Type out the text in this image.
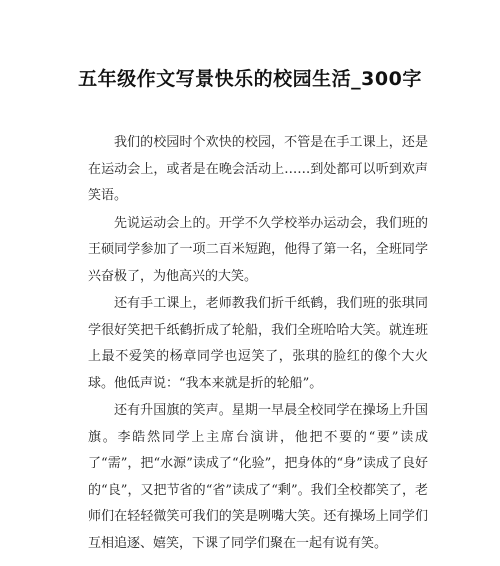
五年级作文写景快乐的校园生活_300字

我们的校园时个欢快的校园，不管是在手工课上，还是在运动会上，或者是在晚会活动上……到处都可以听到欢声笑语。

先说运动会上的。开学不久学校举办运动会，我们班的王硕同学参加了一项二百米短跑，他得了第一名，全班同学兴奋极了，为他高兴的大笑。

还有手工课上，老师教我们折千纸鹤，我们班的张琪同学很好笑把千纸鹤折成了轮船，我们全班哈哈大笑。就连班上最不爱笑的杨章同学也逗笑了，张琪的脸红的像个大火球。他低声说：“我本来就是折的轮船”。

还有升国旗的笑声。星期一早晨全校同学在操场上升国旗。李皓然同学上主席台演讲，他把不要的“要”读成了“需”，把“水源”读成了“化验”，把身体的“身”读成了良好的“良”，又把节省的“省”读成了“剩”。我们全校都笑了，老师们在轻轻微笑可我们的笑是咧嘴大笑。还有操场上同学们互相追逐、嬉笑，下课了同学们聚在一起有说有笑。
